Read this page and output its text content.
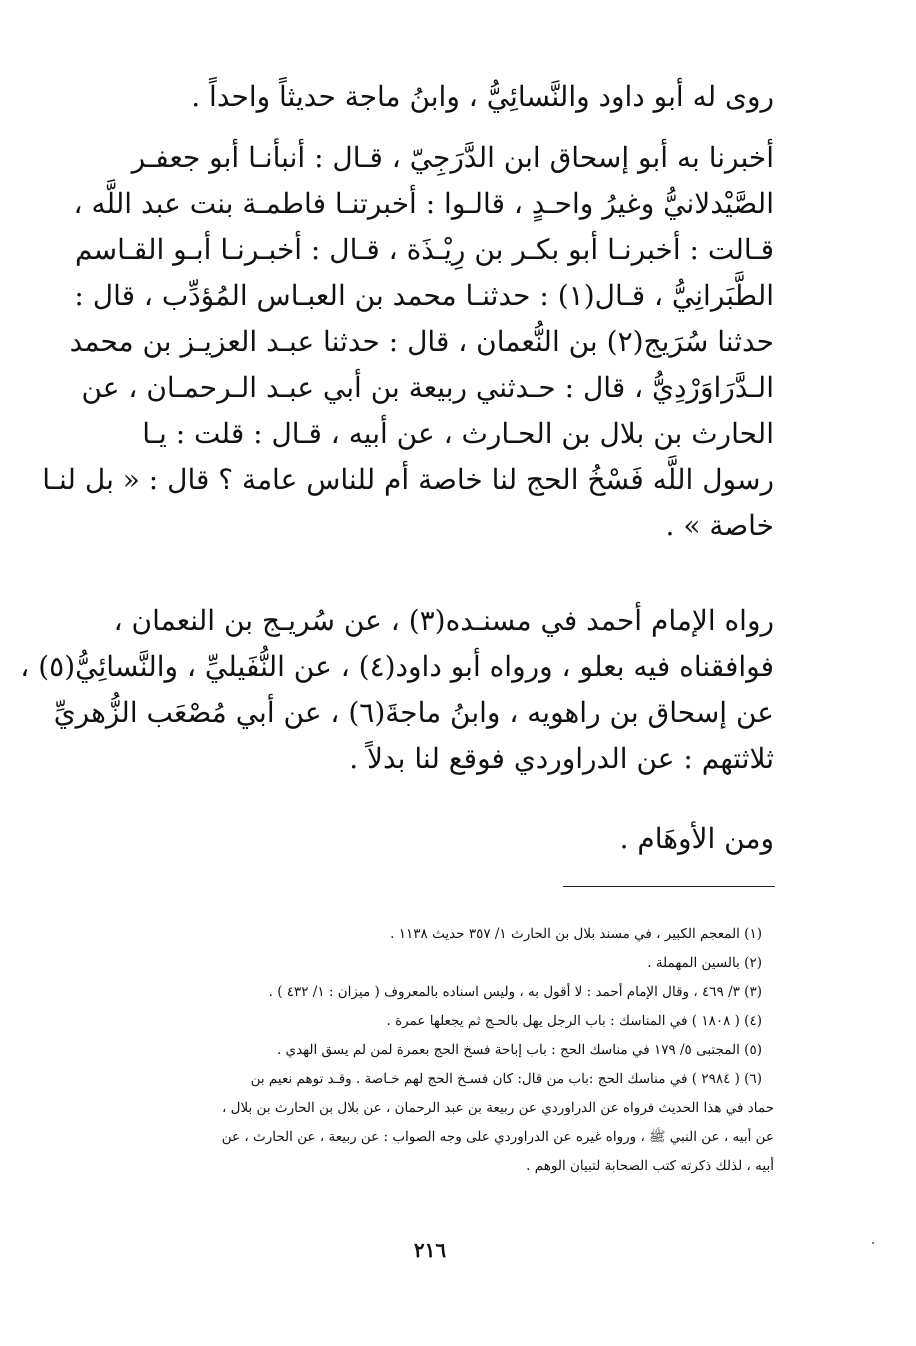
روى له أبو داود والنَّسائِيُّ ، وابنُ ماجة حديثاً واحداً .
أخبرنا به أبو إسحاق ابن الدَّرَجِيّ ، قـال : أنبأنـا أبو جعفـر
الصَّيْدلانيُّ وغيرُ واحـدٍ ، قالـوا : أخبرتنـا فاطمـة بنت عبد اللَّه ،
قـالت : أخبرنـا أبو بكـر بن رِيْـذَة ، قـال : أخبـرنـا أبـو القـاسم
الطَّبَرانِيُّ ، قـال(١) : حدثنـا محمد بن العبـاس المُؤدِّب ، قال :
حدثنا سُرَيج(٢) بن النُّعمان ، قال : حدثنا عبـد العزيـز بن محمد
الـدَّرَاوَرْدِيُّ ، قال : حـدثني ربيعة بن أبي عبـد الـرحمـان ، عن
الحارث بن بلال بن الحـارث ، عن أبيه ، قـال : قلت : يـا
رسول اللَّه فَسْخُ الحج لنا خاصة أم للناس عامة ؟ قال : « بل لنـا
خاصة » .
رواه الإمام أحمد في مسنـده(٣) ، عن سُريـج بن النعمان ،
فوافقناه فيه بعلو ، ورواه أبو داود(٤) ، عن النُّفَيليِّ ، والنَّسائِيُّ(٥) ،
عن إسحاق بن راهويه ، وابنُ ماجةَ(٦) ، عن أبي مُصْعَب الزُّهريِّ
ثلاثتهم : عن الدراوردي فوقع لنا بدلاً .
ومن الأوهَام .
(١) المعجم الكبير ، في مسند بلال بن الحارث ١/ ٣٥٧ حديث ١١٣٨ .
(٢) بالسين المهملة .
(٣) ٣/ ٤٦٩ ، وقال الإمام أحمد : لا أقول به ، وليس اسناده بالمعروف ( ميزان : ١/ ٤٣٢ ) .
(٤) ( ١٨٠٨ ) في المناسك : باب الرجل يهل بالحـج ثم يجعلها عمرة .
(٥) المجتبى ٥/ ١٧٩ في مناسك الحج : باب إباحة فسخ الحج بعمرة لمن لم يسق الهدي .
(٦) ( ٢٩٨٤ ) في مناسك الحج :باب من قال: كان فسـخ الحج لهم خـاصة . وقـد توهم نعيم بن
حماد في هذا الحديث فرواه عن الدراوردي عن ربيعة بن عبد الرحمان ، عن بلال بن الحارث بن بلال ،
عن أبيه ، عن النبي ﷺ ، ورواه غيره عن الدراوردي على وجه الصواب : عن ربيعة ، عن الحارث ، عن
أبيه ، لذلك ذكرته كتب الصحابة لتبيان الوهم .
٢١٦
